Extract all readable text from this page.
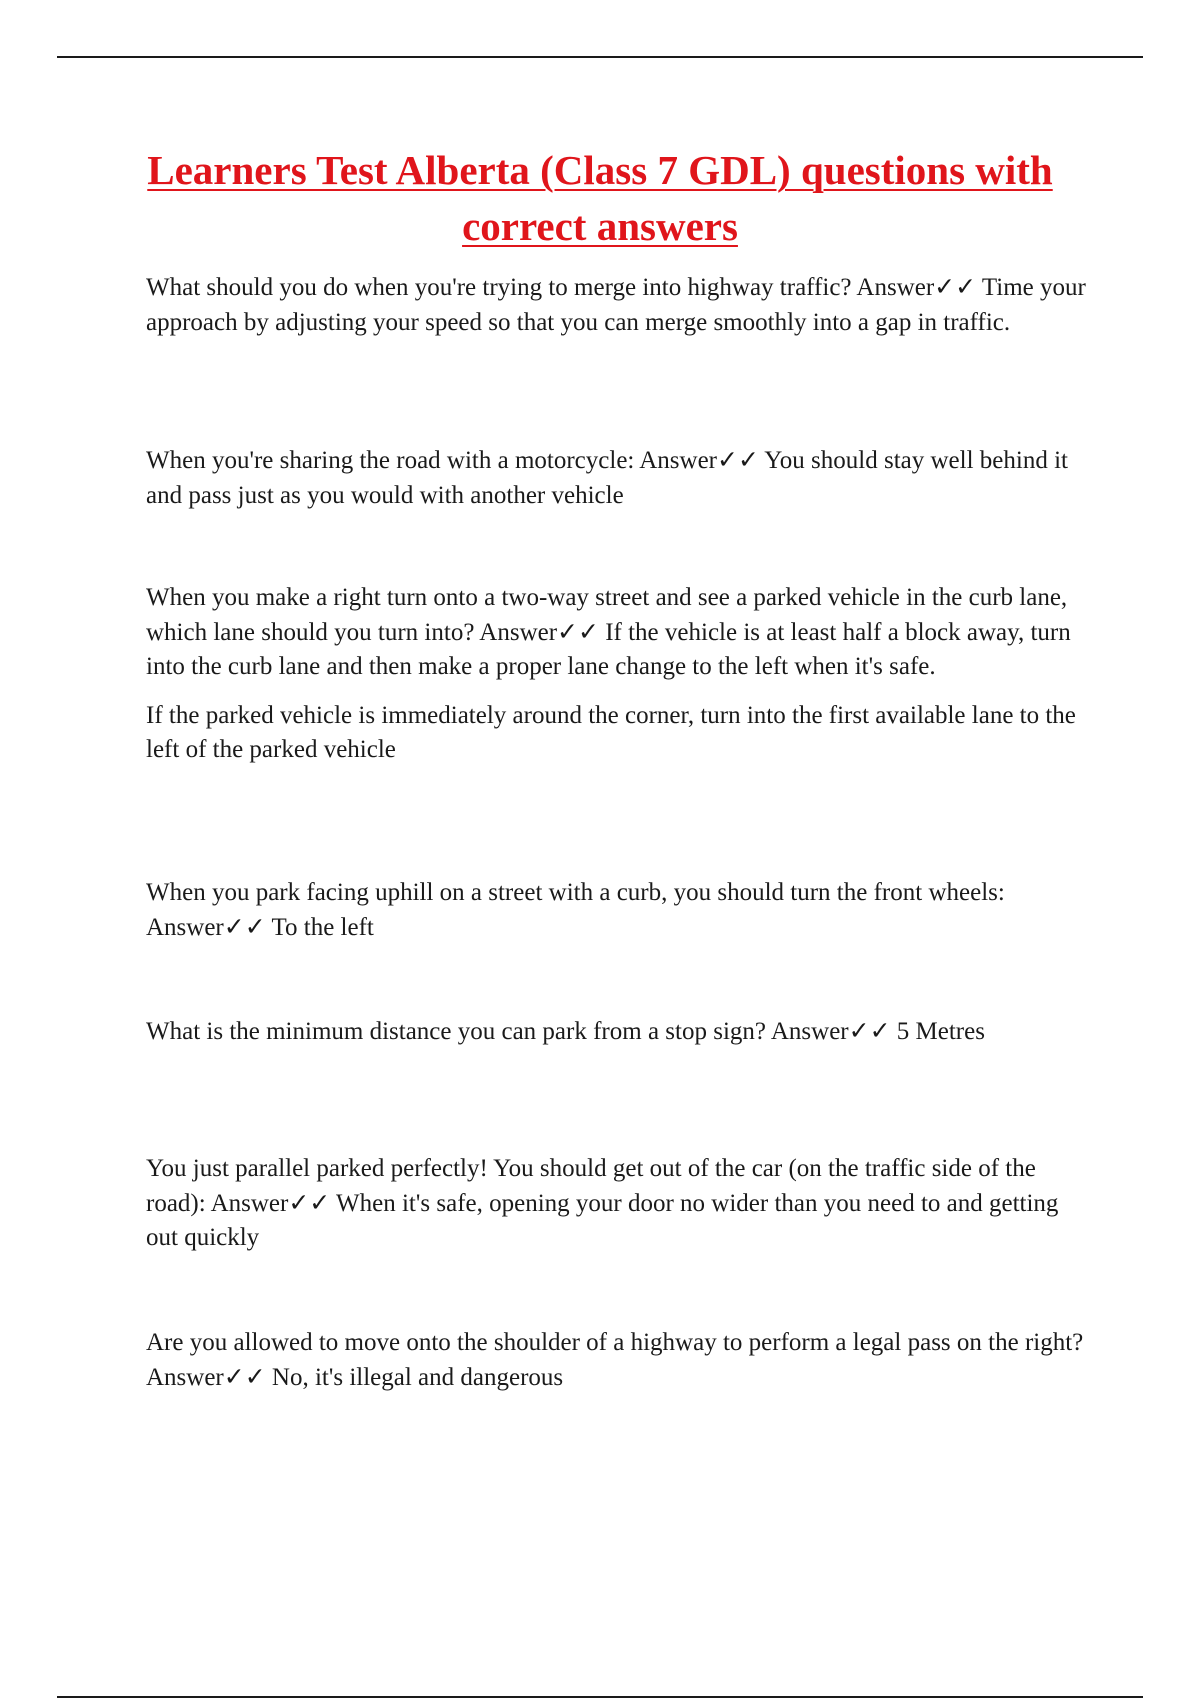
Learners Test Alberta (Class 7 GDL) questions with correct answers

What should you do when you're trying to merge into highway traffic? Answer✓✓ Time your approach by adjusting your speed so that you can merge smoothly into a gap in traffic.

When you're sharing the road with a motorcycle: Answer✓✓ You should stay well behind it and pass just as you would with another vehicle

When you make a right turn onto a two-way street and see a parked vehicle in the curb lane, which lane should you turn into? Answer✓✓ If the vehicle is at least half a block away, turn into the curb lane and then make a proper lane change to the left when it's safe.

If the parked vehicle is immediately around the corner, turn into the first available lane to the left of the parked vehicle

When you park facing uphill on a street with a curb, you should turn the front wheels: Answer✓✓ To the left

What is the minimum distance you can park from a stop sign? Answer✓✓ 5 Metres

You just parallel parked perfectly! You should get out of the car (on the traffic side of the road): Answer✓✓ When it's safe, opening your door no wider than you need to and getting out quickly

Are you allowed to move onto the shoulder of a highway to perform a legal pass on the right? Answer✓✓ No, it's illegal and dangerous
